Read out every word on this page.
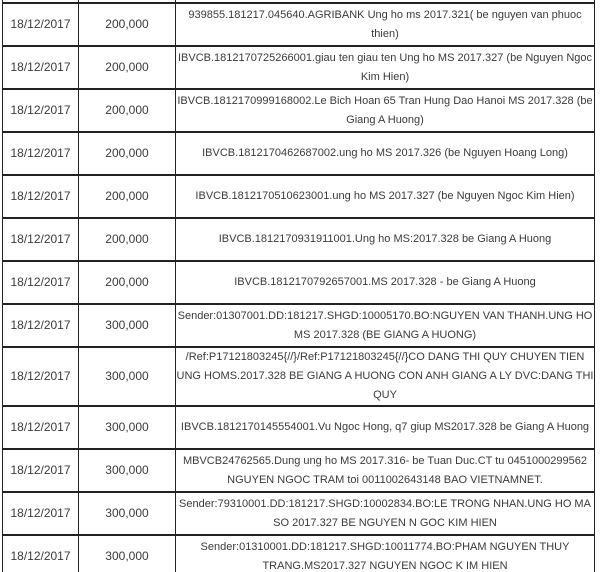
18/12/2017	200,000	939855.181217.045640.AGRIBANK Ung ho ms 2017.321( be nguyen van phuoc thien)
18/12/2017	200,000	IBVCB.1812170725266001.giau ten giau ten Ung ho MS 2017.327 (be Nguyen Ngoc Kim Hien)
18/12/2017	200,000	IBVCB.1812170999168002.Le Bich Hoan 65 Tran Hung Dao Hanoi MS 2017.328 (be Giang A Huong)
18/12/2017	200,000	IBVCB.1812170462687002.ung ho MS 2017.326 (be Nguyen Hoang Long)
18/12/2017	200,000	IBVCB.1812170510623001.ung ho MS 2017.327 (be Nguyen Ngoc Kim Hien)
18/12/2017	200,000	IBVCB.1812170931911001.Ung ho MS:2017.328 be Giang A Huong
18/12/2017	200,000	IBVCB.1812170792657001.MS 2017.328 - be Giang A Huong
18/12/2017	300,000	Sender:01307001.DD:181217.SHGD:10005170.BO:NGUYEN VAN THANH.UNG HO MS 2017.328 (BE GIANG A HUONG)
18/12/2017	300,000	/Ref:P17121803245{//}/Ref:P17121803245{//}CO DANG THI QUY CHUYEN TIEN UNG HOMS.2017.328 BE GIANG A HUONG CON ANH GIANG A LY DVC:DANG THI QUY
18/12/2017	300,000	IBVCB.1812170145554001.Vu Ngoc Hong, q7 giup MS2017.328 be Giang A Huong
18/12/2017	300,000	MBVCB24762565.Dung ung ho MS 2017.316- be Tuan Duc.CT tu 0451000299562 NGUYEN NGOC TRAM toi 0011002643148 BAO VIETNAMNET.
18/12/2017	300,000	Sender:79310001.DD:181217.SHGD:10002834.BO:LE TRONG NHAN.UNG HO MA SO 2017.327 BE NGUYEN N GOC KIM HIEN
18/12/2017	300,000	Sender:01310001.DD:181217.SHGD:10011774.BO:PHAM NGUYEN THUY TRANG.MS2017.327 NGUYEN NGOC K IM HIEN
